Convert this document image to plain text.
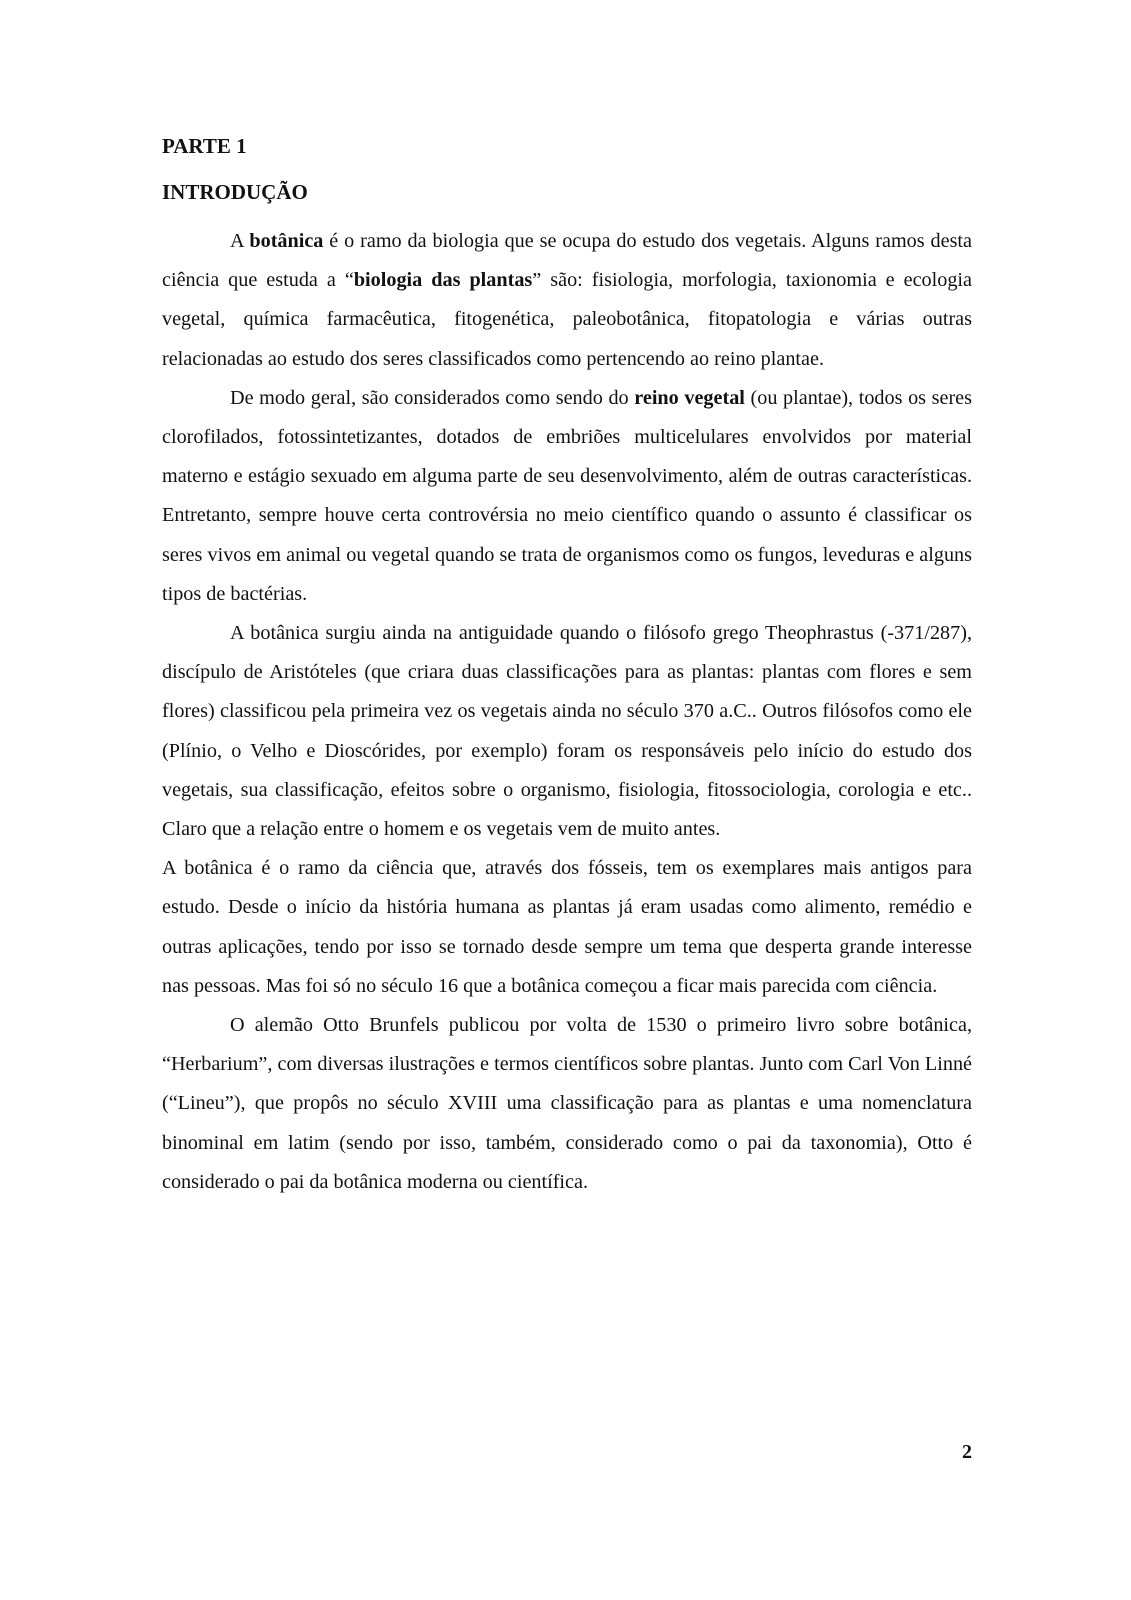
PARTE 1
INTRODUÇÃO

A botânica é o ramo da biologia que se ocupa do estudo dos vegetais. Alguns ramos desta ciência que estuda a “biologia das plantas” são: fisiologia, morfologia, taxionomia e ecologia vegetal, química farmacêutica, fitogenética, paleobotânica, fitopatologia e várias outras relacionadas ao estudo dos seres classificados como pertencendo ao reino plantae.

De modo geral, são considerados como sendo do reino vegetal (ou plantae), todos os seres clorofilados, fotossintetizantes, dotados de embriões multicelulares envolvidos por material materno e estágio sexuado em alguma parte de seu desenvolvimento, além de outras características. Entretanto, sempre houve certa controvérsia no meio científico quando o assunto é classificar os seres vivos em animal ou vegetal quando se trata de organismos como os fungos, leveduras e alguns tipos de bactérias.

A botânica surgiu ainda na antiguidade quando o filósofo grego Theophrastus (-371/287), discípulo de Aristóteles (que criara duas classificações para as plantas: plantas com flores e sem flores) classificou pela primeira vez os vegetais ainda no século 370 a.C.. Outros filósofos como ele (Plínio, o Velho e Dioscórides, por exemplo) foram os responsáveis pelo início do estudo dos vegetais, sua classificação, efeitos sobre o organismo, fisiologia, fitossociologia, corologia e etc.. Claro que a relação entre o homem e os vegetais vem de muito antes.

A botânica é o ramo da ciência que, através dos fósseis, tem os exemplares mais antigos para estudo. Desde o início da história humana as plantas já eram usadas como alimento, remédio e outras aplicações, tendo por isso se tornado desde sempre um tema que desperta grande interesse nas pessoas. Mas foi só no século 16 que a botânica começou a ficar mais parecida com ciência.

O alemão Otto Brunfels publicou por volta de 1530 o primeiro livro sobre botânica, “Herbarium”, com diversas ilustrações e termos científicos sobre plantas. Junto com Carl Von Linné (“Lineu”), que propôs no século XVIII uma classificação para as plantas e uma nomenclatura binominal em latim (sendo por isso, também, considerado como o pai da taxonomia), Otto é considerado o pai da botânica moderna ou científica.

2
